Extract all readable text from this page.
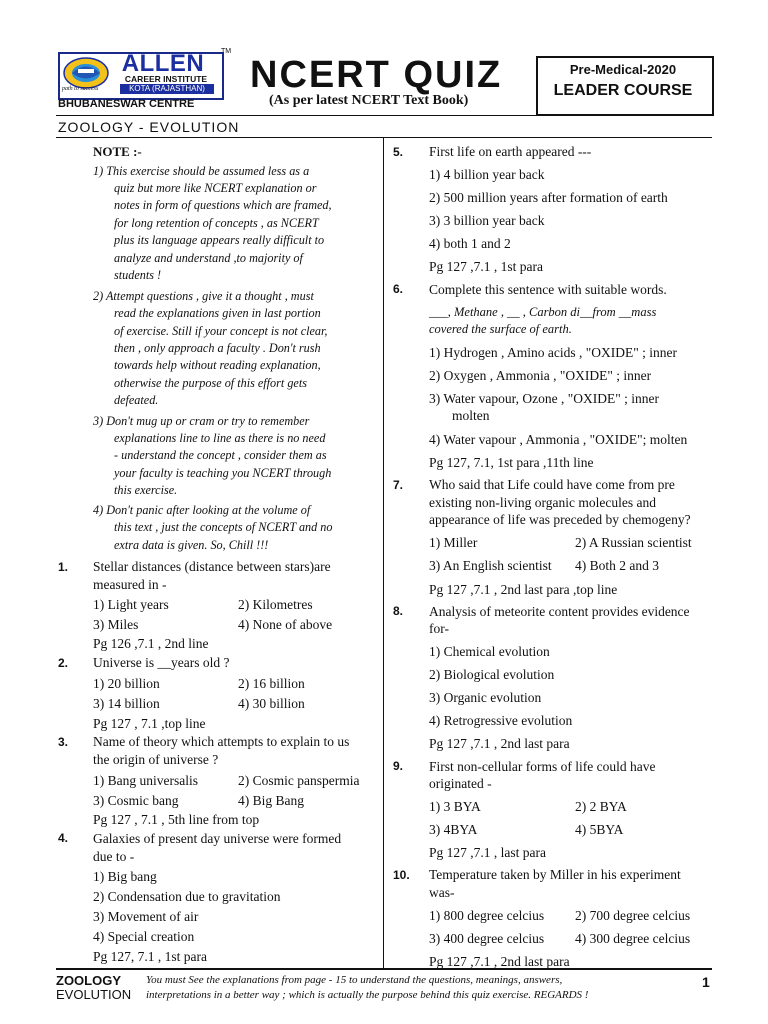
ALLEN
CAREER INSTITUTE
KOTA (RAJASTHAN)
path to success
TM
BHUBANESWAR CENTRE
NCERT QUIZ
(As per latest NCERT Text Book)
Pre-Medical-2020
LEADER COURSE
ZOOLOGY - EVOLUTION
NOTE :-
1) This exercise should be assumed less as a
quiz but more like NCERT explanation or
notes in form of questions which are framed,
for long retention of concepts , as NCERT
plus its language appears really difficult to
analyze and understand ,to majority of
students !
2) Attempt questions , give it a thought , must
read the explanations given in last portion
of exercise. Still if your concept is not clear,
then , only approach a faculty . Don't rush
towards help without reading explanation,
otherwise the purpose of this effort gets
defeated.
3) Don't mug up or cram or try to remember
explanations line to line as there is no need
- understand the concept , consider them as
your faculty is teaching you NCERT through
this exercise.
4) Don't panic after looking at the volume of
this text , just the concepts of NCERT and no
extra data is given. So, Chill !!!
1. Stellar distances (distance between stars)are
measured in -
1) Light years	2) Kilometres
3) Miles	4) None of above
Pg 126 ,7.1 , 2nd line
2. Universe is __years old ?
1) 20 billion	2) 16 billion
3) 14 billion	4) 30 billion
Pg 127 , 7.1 ,top line
3. Name of theory which attempts to explain to us
the origin of universe ?
1) Bang universalis	2) Cosmic panspermia
3) Cosmic bang	4) Big Bang
Pg 127 , 7.1 , 5th line from top
4. Galaxies of present day universe were formed
due to -
1) Big bang
2) Condensation due to gravitation
3) Movement of air
4) Special creation
Pg 127, 7.1 , 1st para
5. First life on earth appeared ---
1) 4 billion year back
2) 500 million years after formation of earth
3) 3 billion year back
4) both 1 and 2
Pg 127 ,7.1 , 1st para
6. Complete this sentence with suitable words.
___, Methane , __ , Carbon di__from __mass
covered the surface of earth.
1) Hydrogen , Amino acids , "OXIDE" ; inner
2) Oxygen , Ammonia , "OXIDE" ; inner
3) Water vapour, Ozone , "OXIDE" ; inner
molten
4) Water vapour , Ammonia , "OXIDE"; molten
Pg 127, 7.1, 1st para ,11th line
7. Who said that Life could have come from pre
existing non-living organic molecules and
appearance of life was preceded by chemogeny?
1) Miller	2) A Russian scientist
3) An English scientist 4) Both 2 and 3
Pg 127 ,7.1 , 2nd last para ,top line
8. Analysis of meteorite content provides evidence
for-
1) Chemical evolution
2) Biological evolution
3) Organic evolution
4) Retrogressive evolution
Pg 127 ,7.1 , 2nd last para
9. First non-cellular forms of life could have
originated -
1) 3 BYA	2) 2 BYA
3) 4BYA	4) 5BYA
Pg 127 ,7.1 , last para
10. Temperature taken by Miller in his experiment
was-
1) 800 degree celcius 2) 700 degree celcius
3) 400 degree celcius 4) 300 degree celcius
Pg 127 ,7.1 , 2nd last para
ZOOLOGY
EVOLUTION
You must See the explanations from page - 15 to understand the questions, meanings, answers,
interpretations in a better way ; which is actually the purpose behind this quiz exercise. REGARDS !
1
